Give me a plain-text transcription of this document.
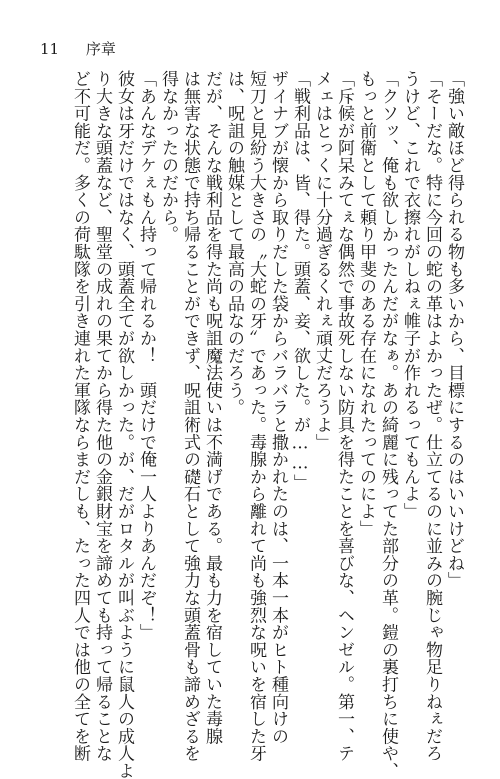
11 序章
「強い敵ほど得られる物も多いから、目標にするのはいいけどね」
「そーだな。特に今回の蛇の革はよかったぜ。仕立てるのに並みの腕じゃ物足りねぇだろ
うけど、これで衣擦れがしねぇ帷子が作れるってもんよ」
「クソッ、俺も欲しかったんだがなぁ。あの綺麗に残ってた部分の革。鎧の裏打ちに使や、
もっと前衛として頼り甲斐のある存在になれたってのによ」
「斥候が阿呆みてぇな偶然で事故死しない防具を得たことを喜びな、ヘンゼル。第一、テ
メェはとっくに十分過ぎるくれぇ頑丈だろうよ」
「戦利品は、皆、得た。頭蓋、妾、欲した。が……」
ザイナブが懐から取りだした袋からバラバラと撒かれたのは、一本一本がヒト種向けの
短刀と見紛う大きさの〝大蛇の牙〟であった。毒腺から離れて尚も強烈な呪いを宿した牙
は、呪詛の触媒として最高の品なのだろう。
だが、そんな戦利品を得た尚も呪詛魔法使いは不満げである。最も力を宿していた毒腺
は無害な状態で持ち帰ることができず、呪詛術式の礎石として強力な頭蓋骨も諦めざるを
得なかったのだから。
「あんなデケぇもん持って帰れるか！　頭だけで俺一人よりあんだぞ！」
彼女は牙だけではなく、頭蓋全てが欲しかった。が、だがロタルが叫ぶように鼠人の成人よ
り大きな頭蓋など、聖堂の成れの果てから得た他の金銀財宝を諦めても持って帰ることな
ど不可能だ。多くの荷駄隊を引き連れた軍隊ならまだしも、たった四人では他の全てを断
